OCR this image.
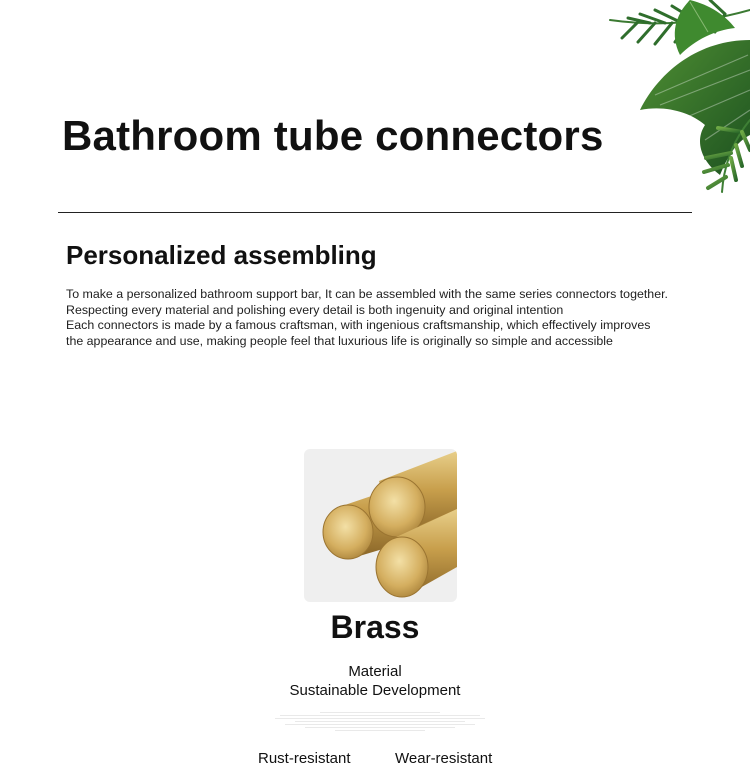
Bathroom tube connectors
Personalized assembling

To make a personalized bathroom support bar, It can be assembled with the same series connectors together.
Respecting every material and polishing every detail is both ingenuity and original intention
Each connectors is made by a famous craftsman, with ingenious craftsmanship, which effectively improves
the appearance and use, making people feel that luxurious life is originally so simple and accessible

Brass
Material
Sustainable Development
Rust-resistant	Wear-resistant
